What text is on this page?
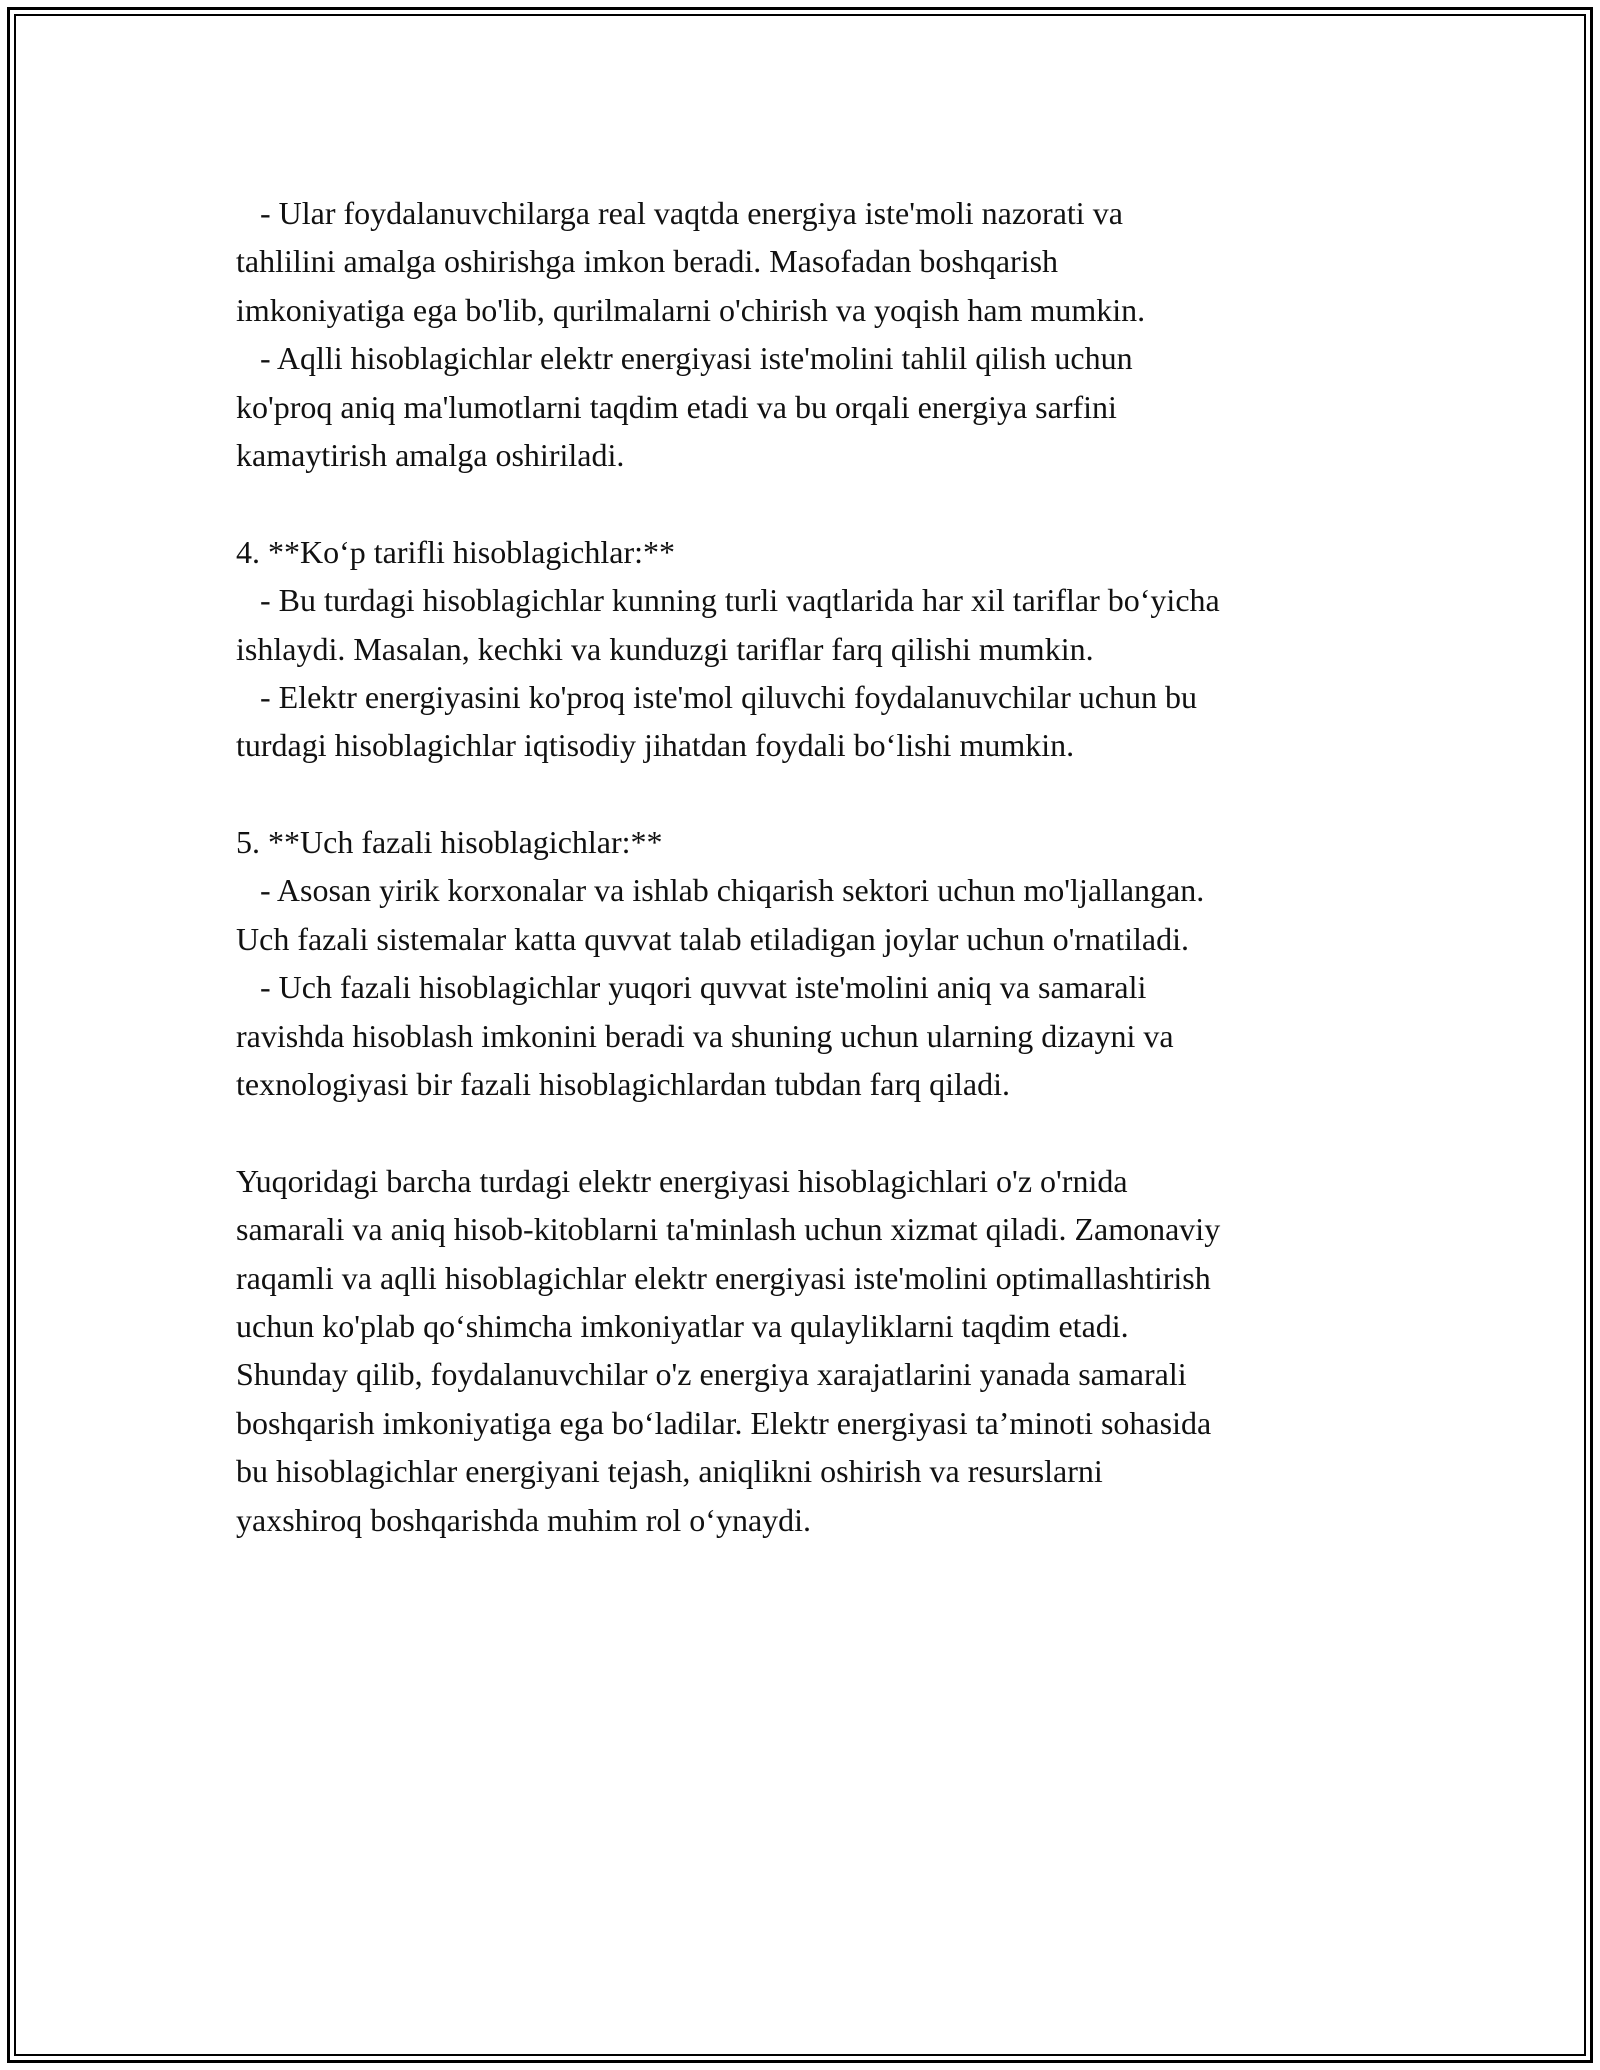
- Ular foydalanuvchilarga real vaqtda energiya iste'moli nazorati va
tahlilini amalga oshirishga imkon beradi. Masofadan boshqarish
imkoniyatiga ega bo'lib, qurilmalarni o'chirish va yoqish ham mumkin.
- Aqlli hisoblagichlar elektr energiyasi iste'molini tahlil qilish uchun
ko'proq aniq ma'lumotlarni taqdim etadi va bu orqali energiya sarfini
kamaytirish amalga oshiriladi.
4. **Ko‘p tarifli hisoblagichlar:**
- Bu turdagi hisoblagichlar kunning turli vaqtlarida har xil tariflar bo‘yicha
ishlaydi. Masalan, kechki va kunduzgi tariflar farq qilishi mumkin.
- Elektr energiyasini ko'proq iste'mol qiluvchi foydalanuvchilar uchun bu
turdagi hisoblagichlar iqtisodiy jihatdan foydali bo‘lishi mumkin.
5. **Uch fazali hisoblagichlar:**
- Asosan yirik korxonalar va ishlab chiqarish sektori uchun mo'ljallangan.
Uch fazali sistemalar katta quvvat talab etiladigan joylar uchun o'rnatiladi.
- Uch fazali hisoblagichlar yuqori quvvat iste'molini aniq va samarali
ravishda hisoblash imkonini beradi va shuning uchun ularning dizayni va
texnologiyasi bir fazali hisoblagichlardan tubdan farq qiladi.
Yuqoridagi barcha turdagi elektr energiyasi hisoblagichlari o'z o'rnida
samarali va aniq hisob-kitoblarni ta'minlash uchun xizmat qiladi. Zamonaviy
raqamli va aqlli hisoblagichlar elektr energiyasi iste'molini optimallashtirish
uchun ko'plab qo‘shimcha imkoniyatlar va qulayliklarni taqdim etadi.
Shunday qilib, foydalanuvchilar o'z energiya xarajatlarini yanada samarali
boshqarish imkoniyatiga ega bo‘ladilar. Elektr energiyasi ta’minoti sohasida
bu hisoblagichlar energiyani tejash, aniqlikni oshirish va resurslarni
yaxshiroq boshqarishda muhim rol o‘ynaydi.
